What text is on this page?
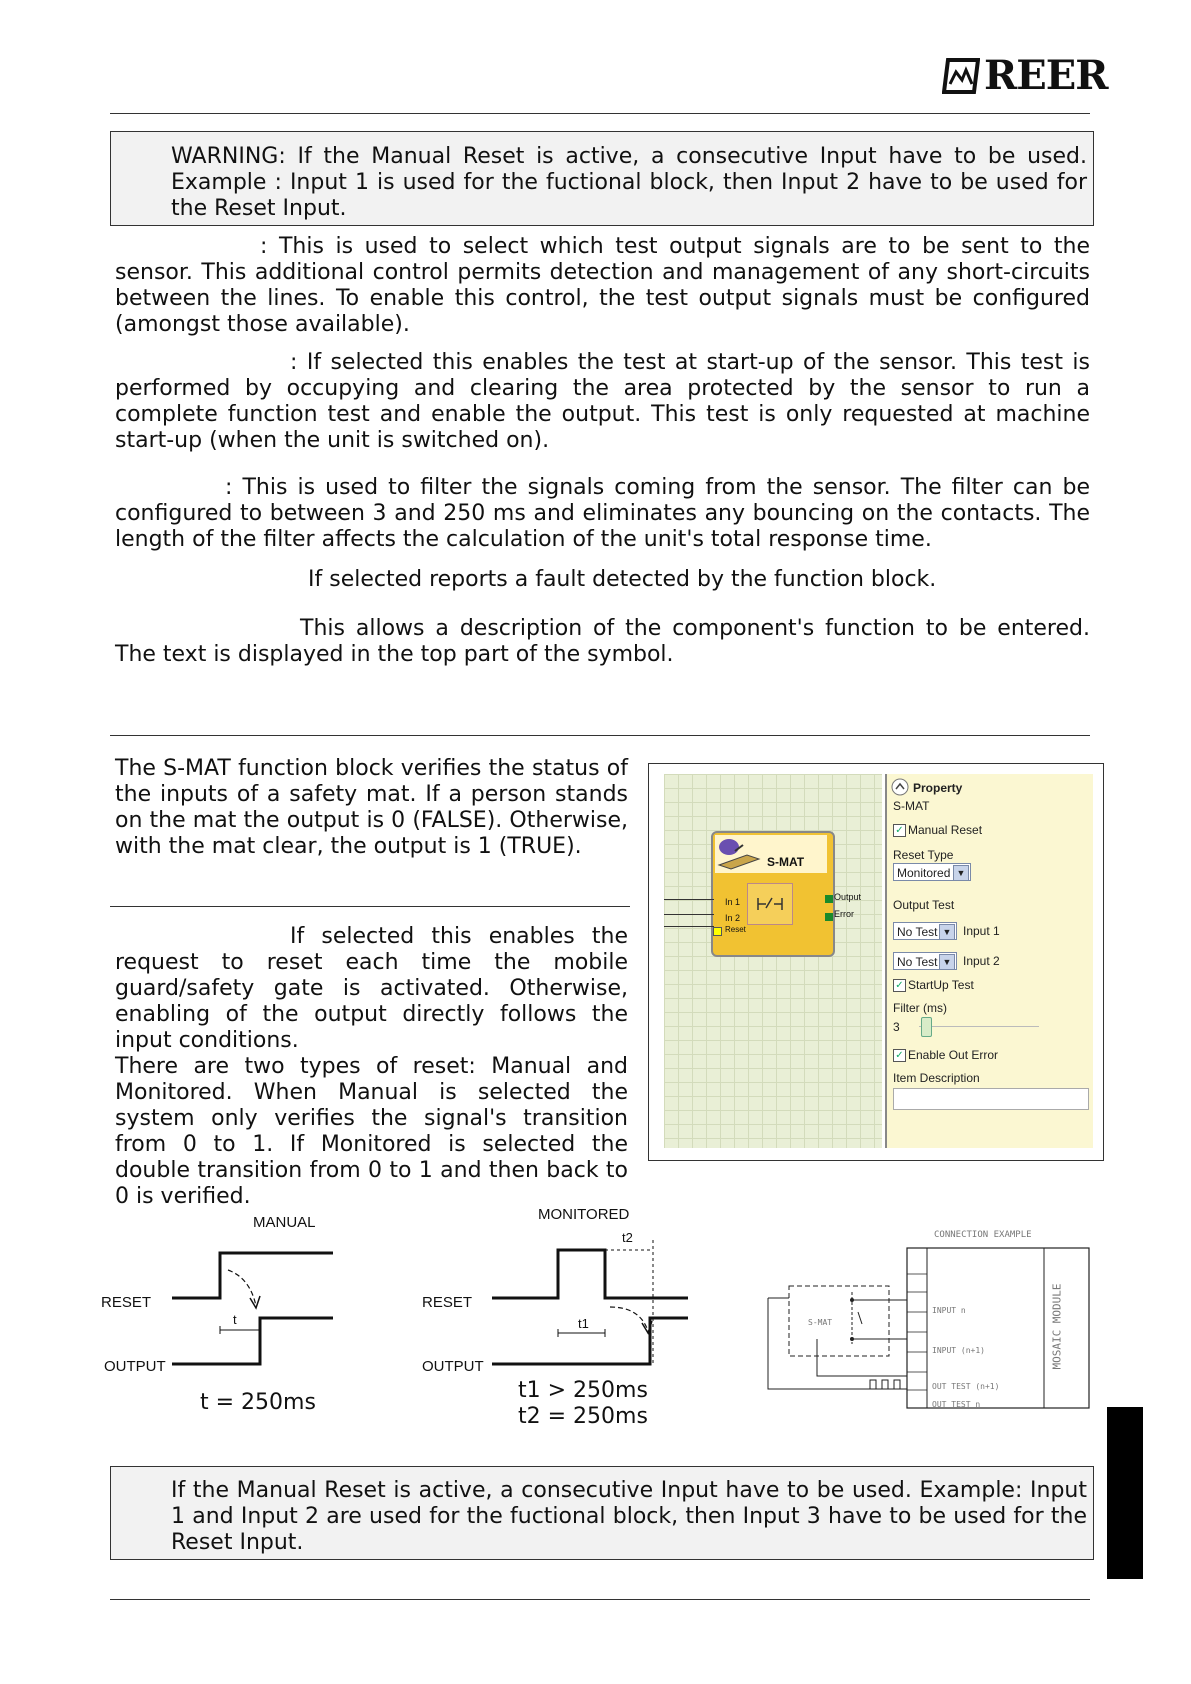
REER
WARNING: If the Manual Reset is active, a consecutive Input have to be used. Example : Input 1 is used for the fuctional block, then Input 2 have to be used for the Reset Input.
: This is used to select which test output signals are to be sent to the sensor. This additional control permits detection and management of any short-circuits between the lines. To enable this control, the test output signals must be configured (amongst those available).
: If selected this enables the test at start-up of the sensor. This test is performed by occupying and clearing the area protected by the sensor to run a complete function test and enable the output. This test is only requested at machine start-up (when the unit is switched on).
: This is used to filter the signals coming from the sensor. The filter can be configured to between 3 and 250 ms and eliminates any bouncing on the contacts. The length of the filter affects the calculation of the unit's total response time.
If selected reports a fault detected by the function block.
This allows a description of the component's function to be entered. The text is displayed in the top part of the symbol.
The S-MAT function block verifies the status of the inputs of a safety mat. If a person stands on the mat the output is 0 (FALSE). Otherwise, with the mat clear, the output is 1 (TRUE).
If selected this enables the request to reset each time the mobile guard/safety gate is activated. Otherwise, enabling of the output directly follows the input conditions.
There are two types of reset: Manual and Monitored. When Manual is selected the system only verifies the signal's transition from 0 to 1. If Monitored is selected the double transition from 0 to 1 and then back to 0 is verified.
S-MAT
In 1
In 2
Reset
Output
Error
Property
S-MAT
✓ Manual Reset
Reset Type
Monitored ▼
Output Test
No Test ▼ Input 1
No Test ▼ Input 2
✓ StartUp Test
Filter (ms)
3
✓ Enable Out Error
Item Description
MANUAL
RESET
OUTPUT
t
t = 250ms
MONITORED
RESET
OUTPUT
t2
t1
t1 > 250ms
t2 = 250ms
CONNECTION EXAMPLE
S-MAT
INPUT n
INPUT (n+1)
OUT TEST (n+1)
OUT TEST n
MOSAIC MODULE
If the Manual Reset is active, a consecutive Input have to be used. Example: Input 1 and Input 2 are used for the fuctional block, then Input 3 have to be used for the Reset Input.
